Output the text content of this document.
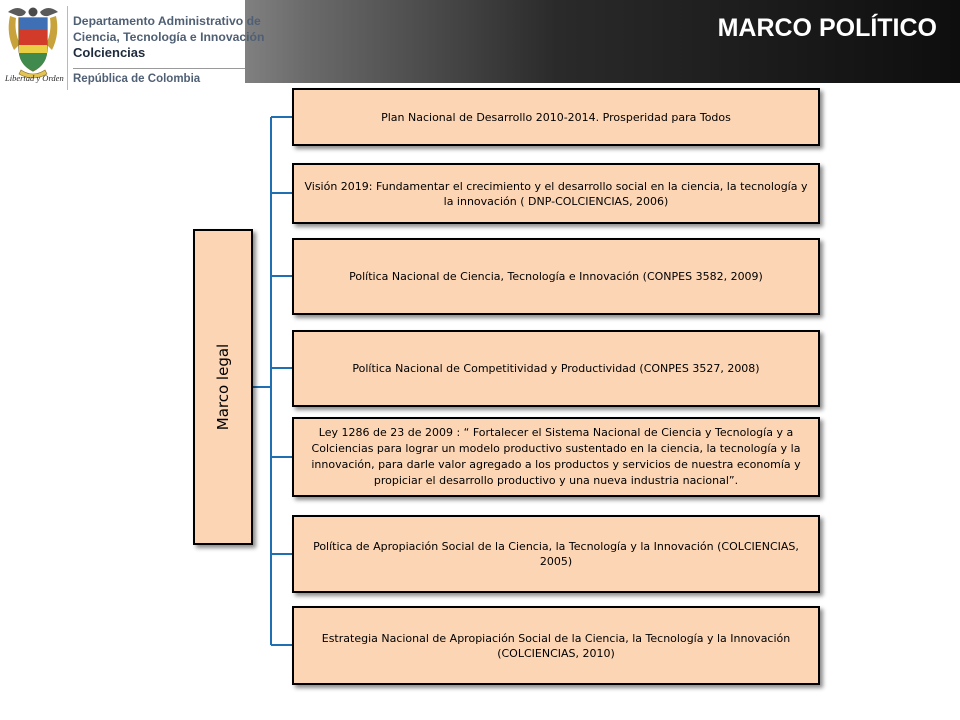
Libertad y Orden
Departamento Administrativo de
Ciencia, Tecnología e Innovación
Colciencias
República de Colombia
MARCO POLÍTICO
Marco legal
Plan Nacional de Desarrollo 2010-2014. Prosperidad para Todos
Visión 2019: Fundamentar el crecimiento y el desarrollo social en la ciencia, la tecnología y la innovación ( DNP-COLCIENCIAS, 2006)
Política Nacional de Ciencia, Tecnología e Innovación (CONPES 3582, 2009)
Política Nacional de Competitividad y Productividad (CONPES 3527, 2008)
Ley 1286 de 23 de 2009 : “ Fortalecer el Sistema Nacional de Ciencia y Tecnología y a Colciencias para lograr un modelo productivo sustentado en la ciencia, la tecnología y la innovación, para darle valor agregado a los productos y servicios de nuestra economía y propiciar el desarrollo productivo y una nueva industria nacional”.
Política de Apropiación Social de la Ciencia, la Tecnología y la Innovación (COLCIENCIAS, 2005)
Estrategia Nacional de Apropiación Social de la Ciencia, la Tecnología y la Innovación (COLCIENCIAS, 2010)
